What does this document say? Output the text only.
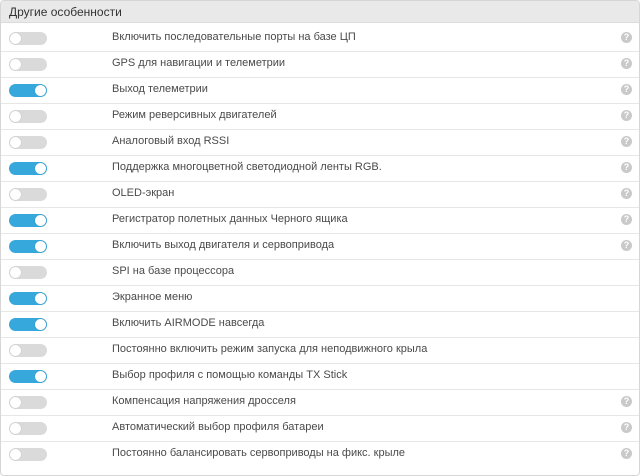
Другие особенности
Включить последовательные порты на базе ЦП	?
GPS для навигации и телеметрии	?
Выход телеметрии	?
Режим реверсивных двигателей	?
Аналоговый вход RSSI	?
Поддержка многоцветной светодиодной ленты RGB.	?
OLED-экран	?
Регистратор полетных данных Черного ящика	?
Включить выход двигателя и сервопривода	?
SPI на базе процессора
Экранное меню
Включить AIRMODE навсегда
Постоянно включить режим запуска для неподвижного крыла
Выбор профиля с помощью команды TX Stick
Компенсация напряжения дросселя	?
Автоматический выбор профиля батареи	?
Постоянно балансировать сервоприводы на фикс. крыле	?
